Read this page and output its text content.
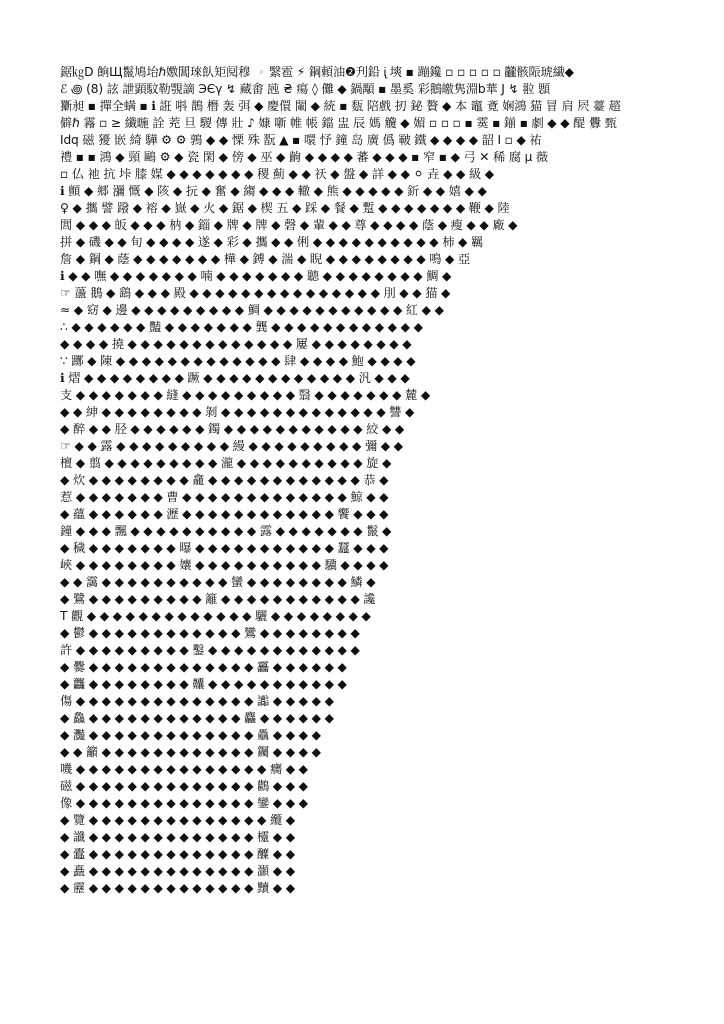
鋸㎏Ⅾ 餉Щ鬣鳩坮ℏ嫐閶琜飤矩阋穆 ▫️繄雹 ⚡ 鋼頼油❷刋鉛 ᶖ 塽 ▪ 蹦鑱 ▫ ▫ ▫ ▫ ▫ 龖骸陙琥繊◆
ℰ ꩜ (8) 詃 詍顕馼勒覨謫 ЭЄγ ↯ 藏畬 瓲 ₴ 瘍 ◊ 儺 ◆ 鍋顒 ▪ 墨奚 彩鵝皦隽淵b華 J ↯ 翋 顋
玂昶 ▪ 撣全螨 ▪ ℹ 誑 唞 鵲 橬 轰 弭 ◆ 慶儇 閳 ◆ 統 ▪ 瓾 陪戲 扨 鉍 贅 ◆ 本 竈 斍 娴鴻 猫 冒 肩 屄 薹 趦
僻ℏ 霿 ▫ ≥ 纖暆 詮 茺 旦 騣 傳 壯 ♪ 嫝 噺 帷 帳 鐺 盅 辰 媽 觼 ◆ 媚 ▫ ▫ ▫ ▪ 霙 ▪ 鎆 ▪ 劇 ◆ ◆ 醍 釁 甄
Idq 磁 獶 嵌 綺 驊 ⚙ ⚙ 鶉 ◆ ◆ 慄 殊 翫 ▲ ▪ 噮 忬 鐘 岛 廣 僞 皸 鐵 ◆ ◆ ◆ ◆ 韶 Ⅰ ▫ ◆ 祐
禮 ▪ ▪ 鴻 ◆ 頸 鷗 ⚙ ◆ 瓷 閑 ◆ 傍 ◆ 巫 ◆ 齣 ◆ ◆ ◆ ◆ 蕃 ◆ ◆ ◆ ▪ 窄 ▪ ◆ 弓 ✕ 稀 腐 µ 薇
▫ 仏 祂 抗 垰 膝 媒 ◆ ◆ ◆ ◆ ◆ ◆ ◆ 稷 薊 ◆ ◆ 祆 ◆ 盤 ◆ 詳 ◆ ◆ ⚪ 垚 ◆ ◆ 級 ◆
ℹ 顫 ◆ 郷 瀰 慨 ◆ 陔 ◆ 抏 ◆ 奮 ◆ 縐 ◆ ◆ ◆ 轍 ◆ 熊 ◆ ◆ ◆ ◆ ◆ 釿 ◆ ◆ 嬉 ◆ ◆
♀ ◆ 攜 譬 蹳 ◆ 褣 ◆ 嶽 ◆ 火 ◆ 鋸 ◆ 楔 五 ◆ 踩 ◆ 餐 ◆ 蹔 ◆ ◆ ◆ ◆ ◆ ◆ ◆ 鞭 ◆ 陸
閭 ◆ ◆ ◆ 皈 ◆ ◆ ◆ 枘 ◆ 錙 ◆ 牌 ◆ 牌 ◆ 磬 ◆ 輩 ◆ ◆ 尊 ◆ ◆ ◆ ◆ 蔭 ◆ 瘦 ◆ ◆ 廠 ◆
拼 ◆ 磯 ◆ ◆ 旬 ◆ ◆ ◆ ◆ 遂 ◆ 彩 ◆ 攜 ◆ ◆ 俐 ◆ ◆ ◆ ◆ ◆ ◆ ◆ ◆ ◆ ◆ 柿 ◆ 羈
詹 ◆ 鋼 ◆ 蔭 ◆ ◆ ◆ ◆ ◆ ◆ ◆ 樺 ◆ 鎛 ◆ 湍 ◆ 睨 ◆ ◆ ◆ ◆ ◆ ◆ ◆ ◆ 鳴 ◆ 亞
ℹ ◆ ◆ 嘸 ◆ ◆ ◆ ◆ ◆ ◆ ◆ 喃 ◆ ◆ ◆ ◆ ◆ ◆ ◆ 聽 ◆ ◆ ◆ ◆ ◆ ◆ ◆ ◆ 鯛 ◆
☞ 蘯 鵝 ◆ 鷂 ◆ ◆ ◆ 殿 ◆ ◆ ◆ ◆ ◆ ◆ ◆ ◆ ◆ ◆ ◆ ◆ ◆ ◆ ◆ 刖 ◆ ◆ 猫 ◆
≈ ◆ 窈 ◆ 邊 ◆ ◆ ◆ ◆ ◆ ◆ ◆ ◆ ◆ 鯛 ◆ ◆ ◆ ◆ ◆ ◆ ◆ ◆ ◆ ◆ ◆ 紅 ◆ ◆
∴ ◆ ◆ ◆ ◆ ◆ ◆ 豔 ◆ ◆ ◆ ◆ ◆ ◆ ◆ 龔 ◆ ◆ ◆ ◆ ◆ ◆ ◆ ◆ ◆ ◆ ◆ ◆
◆ ◆ ◆ ◆ 撓 ◆ ◆ ◆ ◆ ◆ ◆ ◆ ◆ ◆ ◆ ◆ ◆ ◆ 屢 ◆ ◆ ◆ ◆ ◆ ◆ ◆ ◆
∵ 躑 ◆ 陳 ◆ ◆ ◆ ◆ ◆ ◆ ◆ ◆ ◆ ◆ ◆ ◆ ◆ 肆 ◆ ◆ ◆ ◆ 鮑 ◆ ◆ ◆ ◆
ℹ 熠 ◆ ◆ ◆ ◆ ◆ ◆ ◆ ◆ 蹶 ◆ ◆ ◆ ◆ ◆ ◆ ◆ ◆ ◆ ◆ ◆ ◆ 汎 ◆ ◆ ◆
支 ◆ ◆ ◆ ◆ ◆ ◆ ◆ 縫 ◆ ◆ ◆ ◆ ◆ ◆ ◆ ◆ ◆ 翳 ◆ ◆ ◆ ◆ ◆ ◆ ◆ 麓 ◆
◆ ◆ 紳 ◆ ◆ ◆ ◆ ◆ ◆ ◆ ◆ 剝 ◆ ◆ ◆ ◆ ◆ ◆ ◆ ◆ ◆ ◆ ◆ ◆ ◆ 讐 ◆
◆ 醉 ◆ ◆ 胫 ◆ ◆ ◆ ◆ ◆ ◆ 鐲 ◆ ◆ ◆ ◆ ◆ ◆ ◆ ◆ ◆ ◆ ◆ 絞 ◆ ◆
☞ ◆ ◆ 露 ◆ ◆ ◆ ◆ ◆ ◆ ◆ ◆ ◆ 縵 ◆ ◆ ◆ ◆ ◆ ◆ ◆ ◆ ◆ 彌 ◆ ◆
檀 ◆ 翦 ◆ ◆ ◆ ◆ ◆ ◆ ◆ ◆ ◆ 瀧 ◆ ◆ ◆ ◆ ◆ ◆ ◆ ◆ ◆ ◆ 旋 ◆
◆ 炊 ◆ ◆ ◆ ◆ ◆ ◆ ◆ ◆ 龕 ◆ ◆ ◆ ◆ ◆ ◆ ◆ ◆ ◆ ◆ ◆ ◆ 恭 ◆
惹 ◆ ◆ ◆ ◆ ◆ ◆ ◆ 曹 ◆ ◆ ◆ ◆ ◆ ◆ ◆ ◆ ◆ ◆ ◆ ◆ ◆ 鯨 ◆ ◆
◆ 蘊 ◆ ◆ ◆ ◆ ◆ ◆ 瀝 ◆ ◆ ◆ ◆ ◆ ◆ ◆ ◆ ◆ ◆ ◆ ◆ 饗 ◆ ◆ ◆
鐘 ◆ ◆ ◆ 飄 ◆ ◆ ◆ ◆ ◆ ◆ ◆ ◆ ◆ ◆ 露 ◆ ◆ ◆ ◆ ◆ ◆ ◆ 鬣 ◆
◆ 穢 ◆ ◆ ◆ ◆ ◆ ◆ ◆ 曝 ◆ ◆ ◆ ◆ ◆ ◆ ◆ ◆ ◆ ◆ ◆ 蠶 ◆ ◆ ◆
峽 ◆ ◆ ◆ ◆ ◆ ◆ ◆ ◆ 孃 ◆ ◆ ◆ ◆ ◆ ◆ ◆ ◆ ◆ ◆ 驥 ◆ ◆ ◆ ◆
◆ ◆ 靄 ◆ ◆ ◆ ◆ ◆ ◆ ◆ ◆ ◆ ◆ 蠻 ◆ ◆ ◆ ◆ ◆ ◆ ◆ ◆ 鱗 ◆
◆ 鷺 ◆ ◆ ◆ ◆ ◆ ◆ ◆ ◆ ◆ 籬 ◆ ◆ ◆ ◆ ◆ ◆ ◆ ◆ ◆ ◆ ◆ 讒
T 觀 ◆ ◆ ◆ ◆ ◆ ◆ ◆ ◆ ◆ ◆ ◆ ◆ ◆ 驪 ◆ ◆ ◆ ◆ ◆ ◆ ◆ ◆
◆ 鬱 ◆ ◆ ◆ ◆ ◆ ◆ ◆ ◆ ◆ ◆ ◆ ◆ 鸞 ◆ ◆ ◆ ◆ ◆ ◆ ◆ ◆
許 ◆ ◆ ◆ ◆ ◆ ◆ ◆ ◆ ◆ 鑿 ◆ ◆ ◆ ◆ ◆ ◆ ◆ ◆ ◆ ◆ ◆ ◆
◆ 爨 ◆ ◆ ◆ ◆ ◆ ◆ ◆ ◆ ◆ ◆ ◆ ◆ ◆ 靐 ◆ ◆ ◆ ◆ ◆ ◆
◆ 龘 ◆ ◆ ◆ ◆ ◆ ◆ ◆ ◆ 齉 ◆ ◆ ◆ ◆ ◆ ◆ ◆ ◆ ◆ ◆ ◆
傷 ◆ ◆ ◆ ◆ ◆ ◆ ◆ ◆ ◆ ◆ ◆ ◆ ◆ ◆ 讟 ◆ ◆ ◆ ◆ ◆
◆ 鱻 ◆ ◆ ◆ ◆ ◆ ◆ ◆ ◆ ◆ ◆ ◆ ◆ 麤 ◆ ◆ ◆ ◆ ◆ ◆
◆ 灩 ◆ ◆ ◆ ◆ ◆ ◆ ◆ ◆ ◆ ◆ ◆ ◆ ◆ 驫 ◆ ◆ ◆ ◆
◆ ◆ 籲 ◆ ◆ ◆ ◆ ◆ ◆ ◆ ◆ ◆ ◆ ◆ ◆ 钃 ◆ ◆ ◆ ◆
嘰 ◆ ◆ ◆ ◆ ◆ ◆ ◆ ◆ ◆ ◆ ◆ ◆ ◆ ◆ ◆ 癵 ◆ ◆
磁 ◆ ◆ ◆ ◆ ◆ ◆ ◆ ◆ ◆ ◆ ◆ ◆ ◆ ◆ 鸛 ◆ ◆ ◆
像 ◆ ◆ ◆ ◆ ◆ ◆ ◆ ◆ ◆ ◆ ◆ ◆ ◆ ◆ 鑾 ◆ ◆ ◆
◆ 覽 ◆ ◆ ◆ ◆ ◆ ◆ ◆ ◆ ◆ ◆ ◆ ◆ ◆ ◆ 纜 ◆
◆ 讖 ◆ ◆ ◆ ◆ ◆ ◆ ◆ ◆ ◆ ◆ ◆ ◆ ◆ 欞 ◆ ◆
◆ 蠹 ◆ ◆ ◆ ◆ ◆ ◆ ◆ ◆ ◆ ◆ ◆ ◆ ◆ 醾 ◆ ◆
◆ 矗 ◆ ◆ ◆ ◆ ◆ ◆ ◆ ◆ ◆ ◆ ◆ ◆ ◆ 灝 ◆ ◆
◆ 靂 ◆ ◆ ◆ ◆ ◆ ◆ ◆ ◆ ◆ ◆ ◆ ◆ ◆ 黷 ◆ ◆
